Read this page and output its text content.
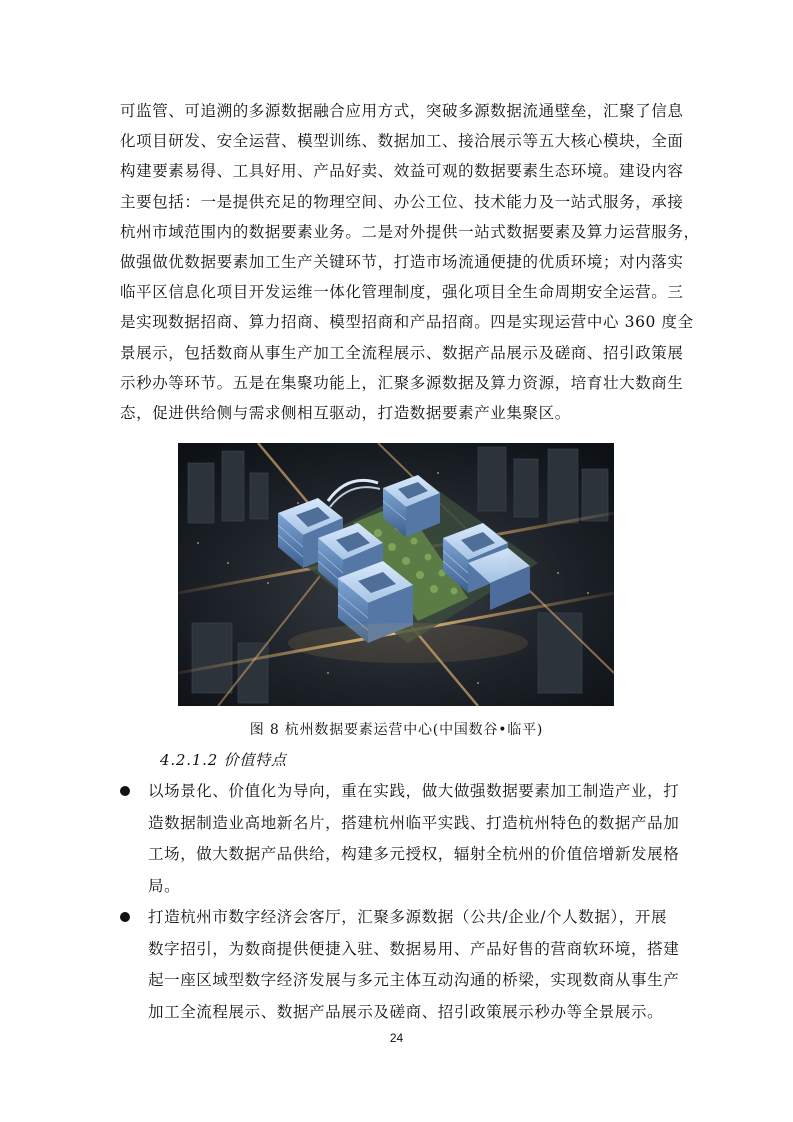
可监管、可追溯的多源数据融合应用方式，突破多源数据流通壁垒，汇聚了信息
化项目研发、安全运营、模型训练、数据加工、接洽展示等五大核心模块，全面
构建要素易得、工具好用、产品好卖、效益可观的数据要素生态环境。建设内容
主要包括：一是提供充足的物理空间、办公工位、技术能力及一站式服务，承接
杭州市域范围内的数据要素业务。二是对外提供一站式数据要素及算力运营服务，
做强做优数据要素加工生产关键环节，打造市场流通便捷的优质环境；对内落实
临平区信息化项目开发运维一体化管理制度，强化项目全生命周期安全运营。三
是实现数据招商、算力招商、模型招商和产品招商。四是实现运营中心 360 度全
景展示，包括数商从事生产加工全流程展示、数据产品展示及磋商、招引政策展
示秒办等环节。五是在集聚功能上，汇聚多源数据及算力资源，培育壮大数商生
态，促进供给侧与需求侧相互驱动，打造数据要素产业集聚区。

图 8 杭州数据要素运营中心(中国数谷•临平)
4.2.1.2 价值特点
以场景化、价值化为导向，重在实践，做大做强数据要素加工制造产业，打
造数据制造业高地新名片，搭建杭州临平实践、打造杭州特色的数据产品加
工场，做大数据产品供给，构建多元授权，辐射全杭州的价值倍增新发展格
局。
打造杭州市数字经济会客厅，汇聚多源数据（公共/企业/个人数据），开展
数字招引，为数商提供便捷入驻、数据易用、产品好售的营商软环境，搭建
起一座区域型数字经济发展与多元主体互动沟通的桥梁，实现数商从事生产
加工全流程展示、数据产品展示及磋商、招引政策展示秒办等全景展示。
24
